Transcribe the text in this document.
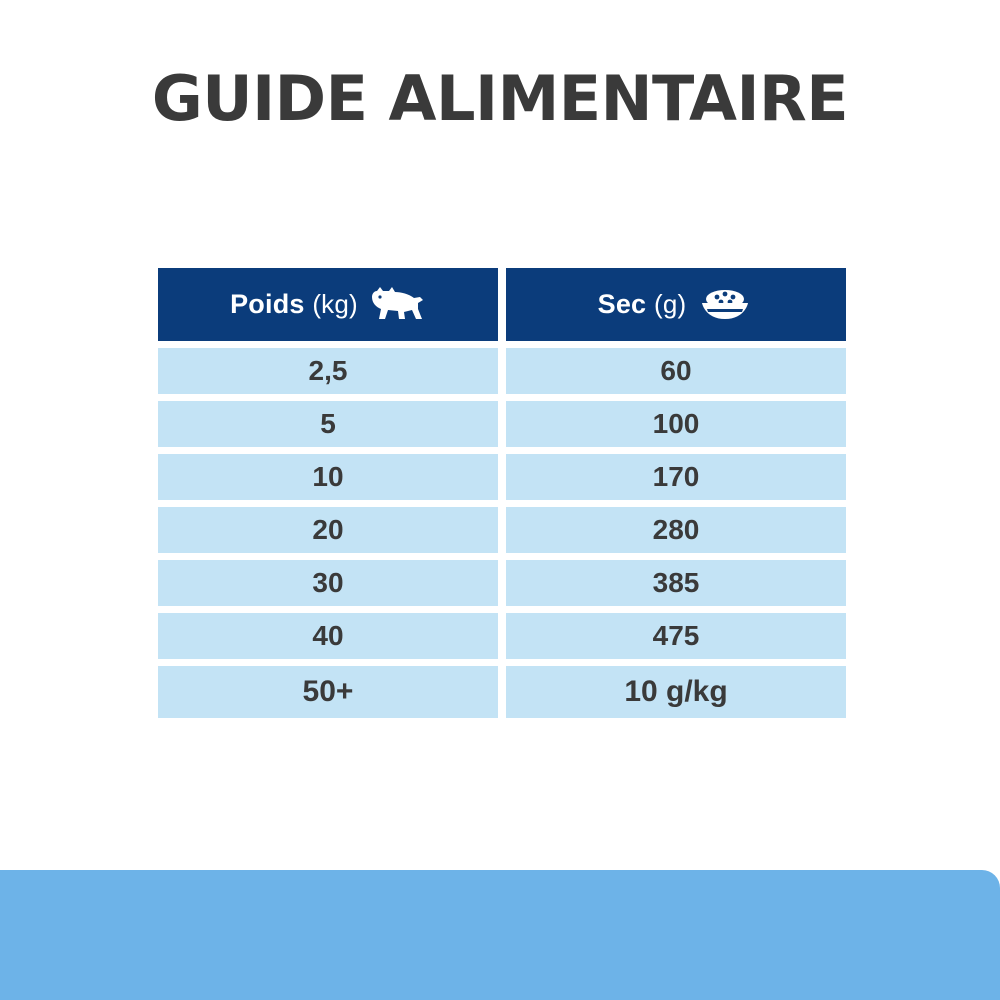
GUIDE ALIMENTAIRE
Poids (kg)
2,5
5
10
20
30
40
50+
Sec (g)
60
100
170
280
385
475
10 g/kg
